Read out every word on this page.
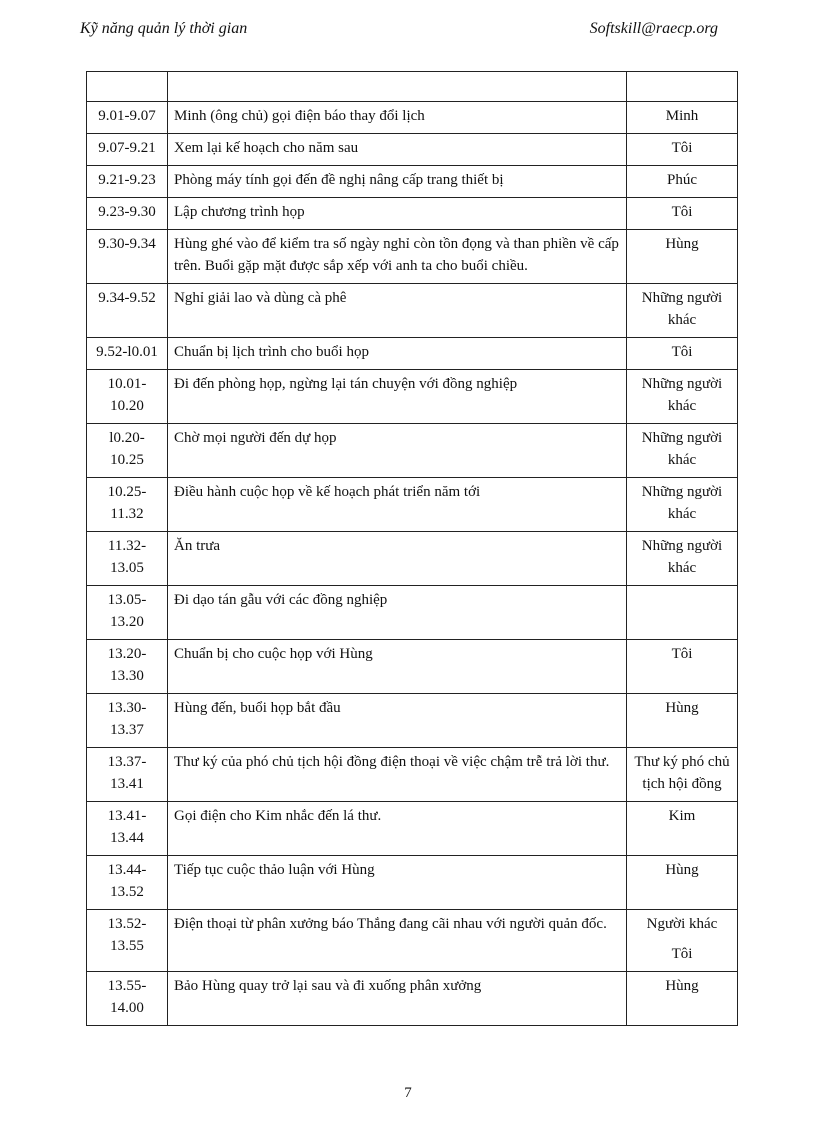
Kỹ năng quản lý thời gian	Softskill@raecp.org

9.01-9.07	Minh (ông chủ) gọi điện báo thay đổi lịch	Minh

9.07-9.21	Xem lại kế hoạch cho năm sau	Tôi

9.21-9.23	Phòng máy tính gọi đến đề nghị nâng cấp trang thiết bị	Phúc

9.23-9.30	Lập chương trình họp	Tôi

9.30-9.34	Hùng ghé vào để kiểm tra số ngày nghỉ còn tồn đọng và than phiền về cấp trên. Buổi gặp mặt được sắp xếp với anh ta cho buổi chiều.	Hùng

9.34-9.52	Nghỉ giải lao và dùng cà phê	Những người khác

9.52-l0.01	Chuẩn bị lịch trình cho buổi họp	Tôi

10.01-10.20	Đi đến phòng họp, ngừng lại tán chuyện với đồng nghiệp	Những người khác

l0.20-10.25	Chờ mọi người đến dự họp	Những người khác

10.25-11.32	Điều hành cuộc họp về kế hoạch phát triển năm tới	Những người khác

11.32-13.05	Ăn trưa	Những người khác

13.05-13.20	Đi dạo tán gẫu với các đồng nghiệp	

13.20-13.30	Chuẩn bị cho cuộc họp với Hùng	Tôi

13.30-13.37	Hùng đến, buổi họp bắt đầu	Hùng

13.37-13.41	Thư ký của phó chủ tịch hội đồng điện thoại về việc chậm trễ trả lời thư.	Thư ký phó chủ tịch hội đồng

13.41-13.44	Gọi điện cho Kim nhắc đến lá thư.	Kim

13.44-13.52	Tiếp tục cuộc thảo luận với Hùng	Hùng

13.52-13.55	Điện thoại từ phân xưởng báo Thắng đang cãi nhau với người quản đốc.	Người khác
Tôi

13.55-14.00	Bảo Hùng quay trở lại sau và đi xuống phân xưởng	Hùng
7
